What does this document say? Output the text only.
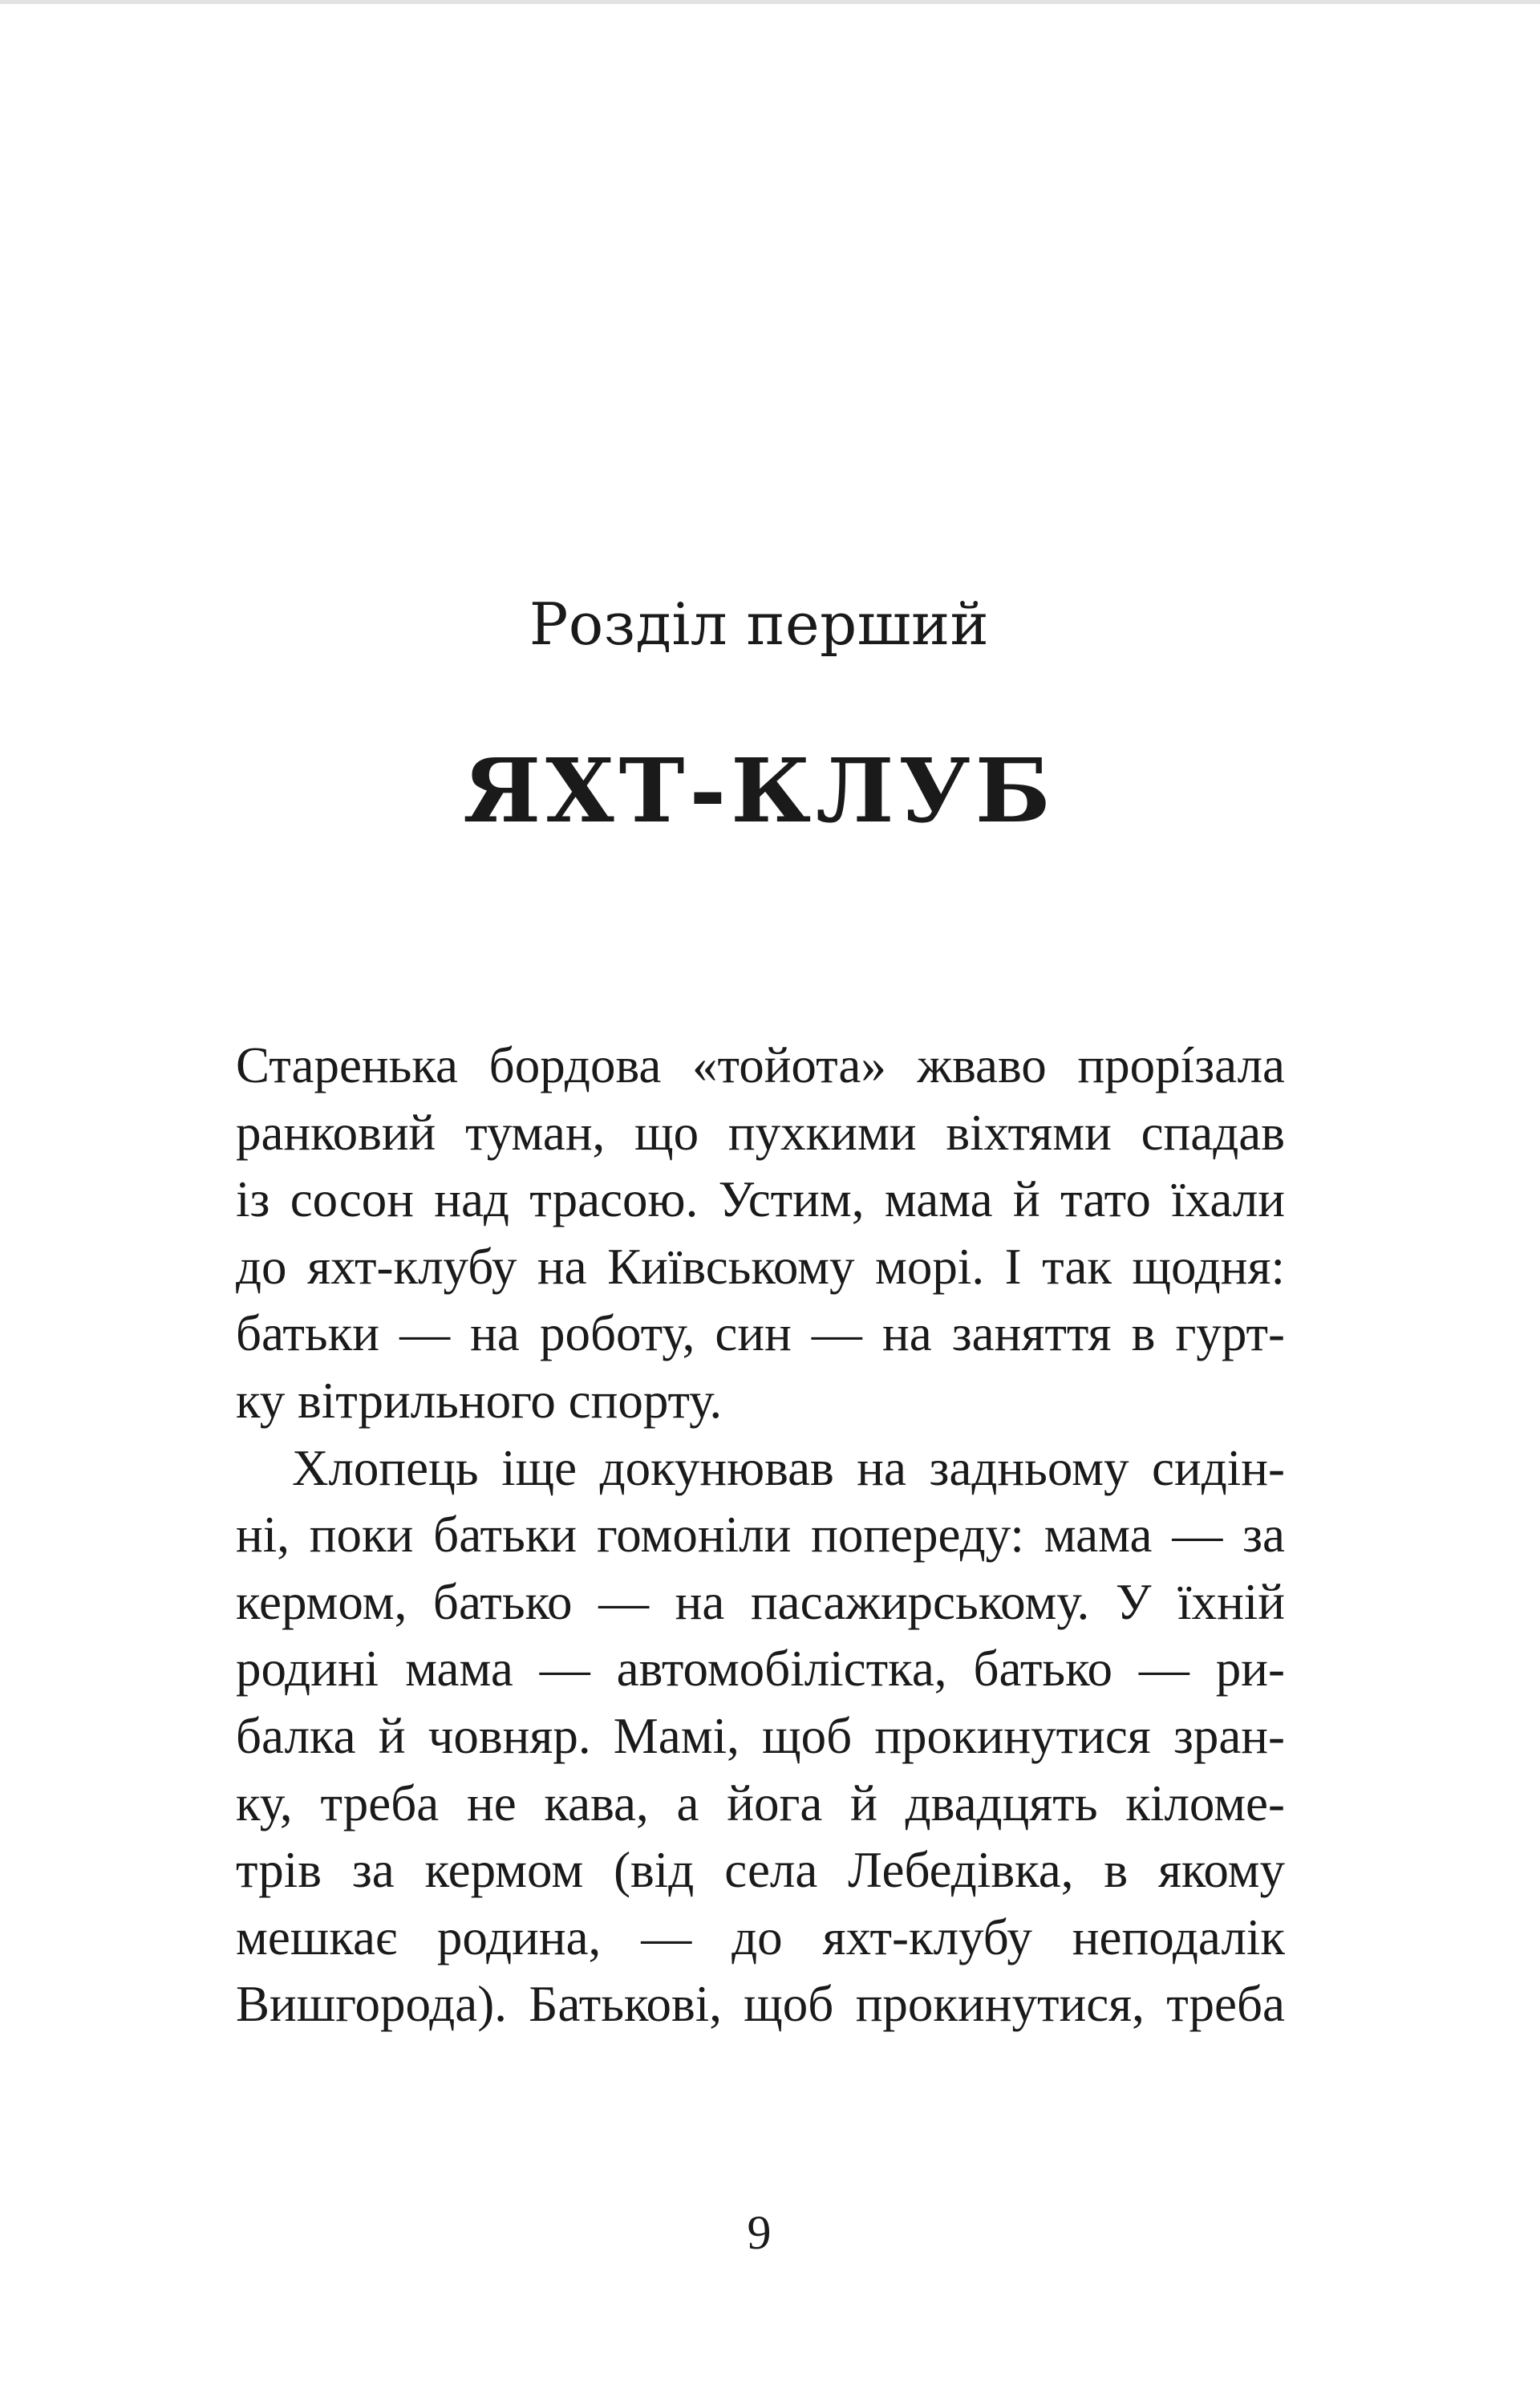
Розділ перший
ЯХТ-КЛУБ
Старенька бордова «тойота» жваво прорíзала
ранковий туман, що пухкими віхтями спадав
із сосон над трасою. Устим, мама й тато їхали
до яхт-клубу на Київському морі. І так щодня:
батьки — на роботу, син — на заняття в гурт-
ку вітрильного спорту.
Хлопець іще докунював на задньому сидін-
ні, поки батьки гомоніли попереду: мама — за
кермом, батько — на пасажирському. У їхній
родині мама — автомобілістка, батько — ри-
балка й човняр. Мамі, щоб прокинутися зран-
ку, треба не кава, а йога й двадцять кіломе-
трів за кермом (від села Лебедівка, в якому
мешкає родина, — до яхт-клубу неподалік
Вишгорода). Батькові, щоб прокинутися, треба
9
